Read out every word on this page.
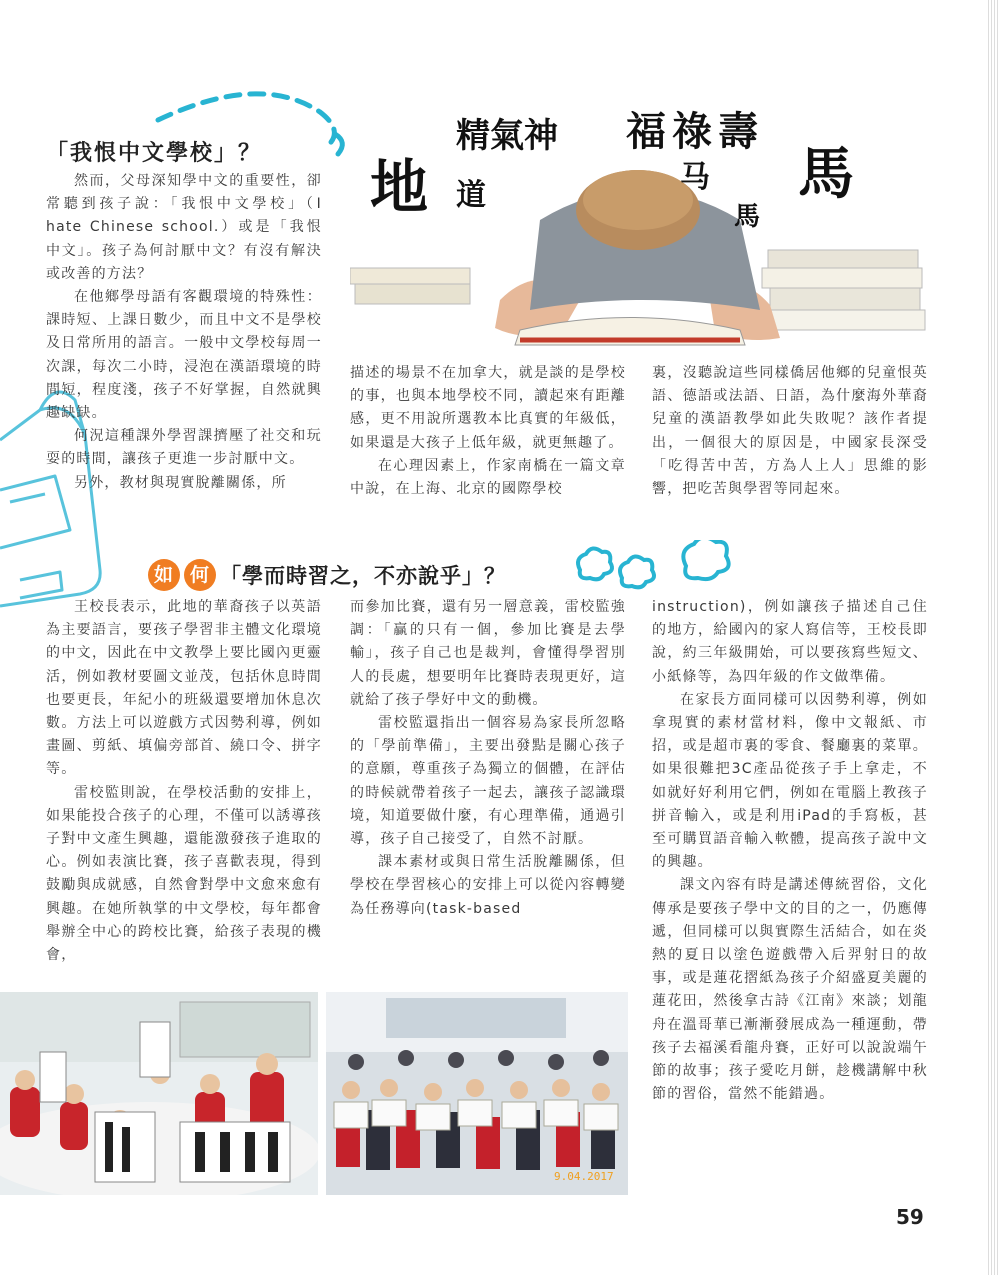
「我恨中文學校」？	精氣神 福祿壽
地 道
马 馬
馬

然而，父母深知學中文的重要性，卻常聽到孩子說：「我恨中文學校」（I hate Chinese school.）或是「我恨中文」。孩子為何討厭中文？有沒有解決或改善的方法？

在他鄉學母語有客觀環境的特殊性：課時短、上課日數少，而且中文不是學校及日常所用的語言。一般中文學校每周一次課，每次二小時，浸泡在漢語環境的時間短，程度淺，孩子不好掌握，自然就興趣缺缺。

何況這種課外學習課擠壓了社交和玩耍的時間，讓孩子更進一步討厭中文。

另外，教材與現實脫離關係，所

描述的場景不在加拿大，就是談的是學校的事，也與本地學校不同，讀起來有距離感，更不用說所選教本比真實的年級低，如果還是大孩子上低年級，就更無趣了。

在心理因素上，作家南橋在一篇文章中說，在上海、北京的國際學校

裏，沒聽說這些同樣僑居他鄉的兒童恨英語、德語或法語、日語，為什麼海外華裔兒童的漢語教學如此失敗呢？該作者提出，一個很大的原因是，中國家長深受「吃得苦中苦，方為人上人」思維的影響，把吃苦與學習等同起來。

如 何 「學而時習之，不亦說乎」？

王校長表示，此地的華裔孩子以英語為主要語言，要孩子學習非主體文化環境的中文，因此在中文教學上要比國內更靈活，例如教材要圖文並茂，包括休息時間也要更長，年紀小的班級還要增加休息次數。方法上可以遊戲方式因勢利導，例如畫圖、剪紙、填偏旁部首、繞口令、拼字等。

雷校監則說，在學校活動的安排上，如果能投合孩子的心理，不僅可以誘導孩子對中文產生興趣，還能激發孩子進取的心。例如表演比賽，孩子喜歡表現，得到鼓勵與成就感，自然會對學中文愈來愈有興趣。在她所執掌的中文學校，每年都會舉辦全中心的跨校比賽，給孩子表現的機會，

而參加比賽，還有另一層意義，雷校監強調：「贏的只有一個，參加比賽是去學輸」，孩子自己也是裁判，會懂得學習別人的長處，想要明年比賽時表現更好，這就給了孩子學好中文的動機。

雷校監還指出一個容易為家長所忽略的「學前準備」，主要出發點是關心孩子的意願，尊重孩子為獨立的個體，在評估的時候就帶着孩子一起去，讓孩子認識環境，知道要做什麼，有心理準備，通過引導，孩子自己接受了，自然不討厭。

課本素材或與日常生活脫離關係，但學校在學習核心的安排上可以從內容轉變為任務導向(task-based

instruction)，例如讓孩子描述自己住的地方，給國內的家人寫信等，王校長即說，約三年級開始，可以要孩寫些短文、小紙條等，為四年級的作文做準備。

在家長方面同樣可以因勢利導，例如拿現實的素材當材料，像中文報紙、市招，或是超市裏的零食、餐廳裏的菜單。如果很難把3C產品從孩子手上拿走，不如就好好利用它們，例如在電腦上教孩子拼音輸入，或是利用iPad的手寫板，甚至可購買語音輸入軟體，提高孩子說中文的興趣。

課文內容有時是講述傳統習俗，文化傳承是要孩子學中文的目的之一，仍應傳遞，但同樣可以與實際生活結合，如在炎熱的夏日以塗色遊戲帶入后羿射日的故事，或是蓮花摺紙為孩子介紹盛夏美麗的蓮花田，然後拿古詩《江南》來談；划龍舟在溫哥華已漸漸發展成為一種運動，帶孩子去福溪看龍舟賽，正好可以說說端午節的故事；孩子愛吃月餅，趁機講解中秋節的習俗，當然不能錯過。

9.04.2017
59
